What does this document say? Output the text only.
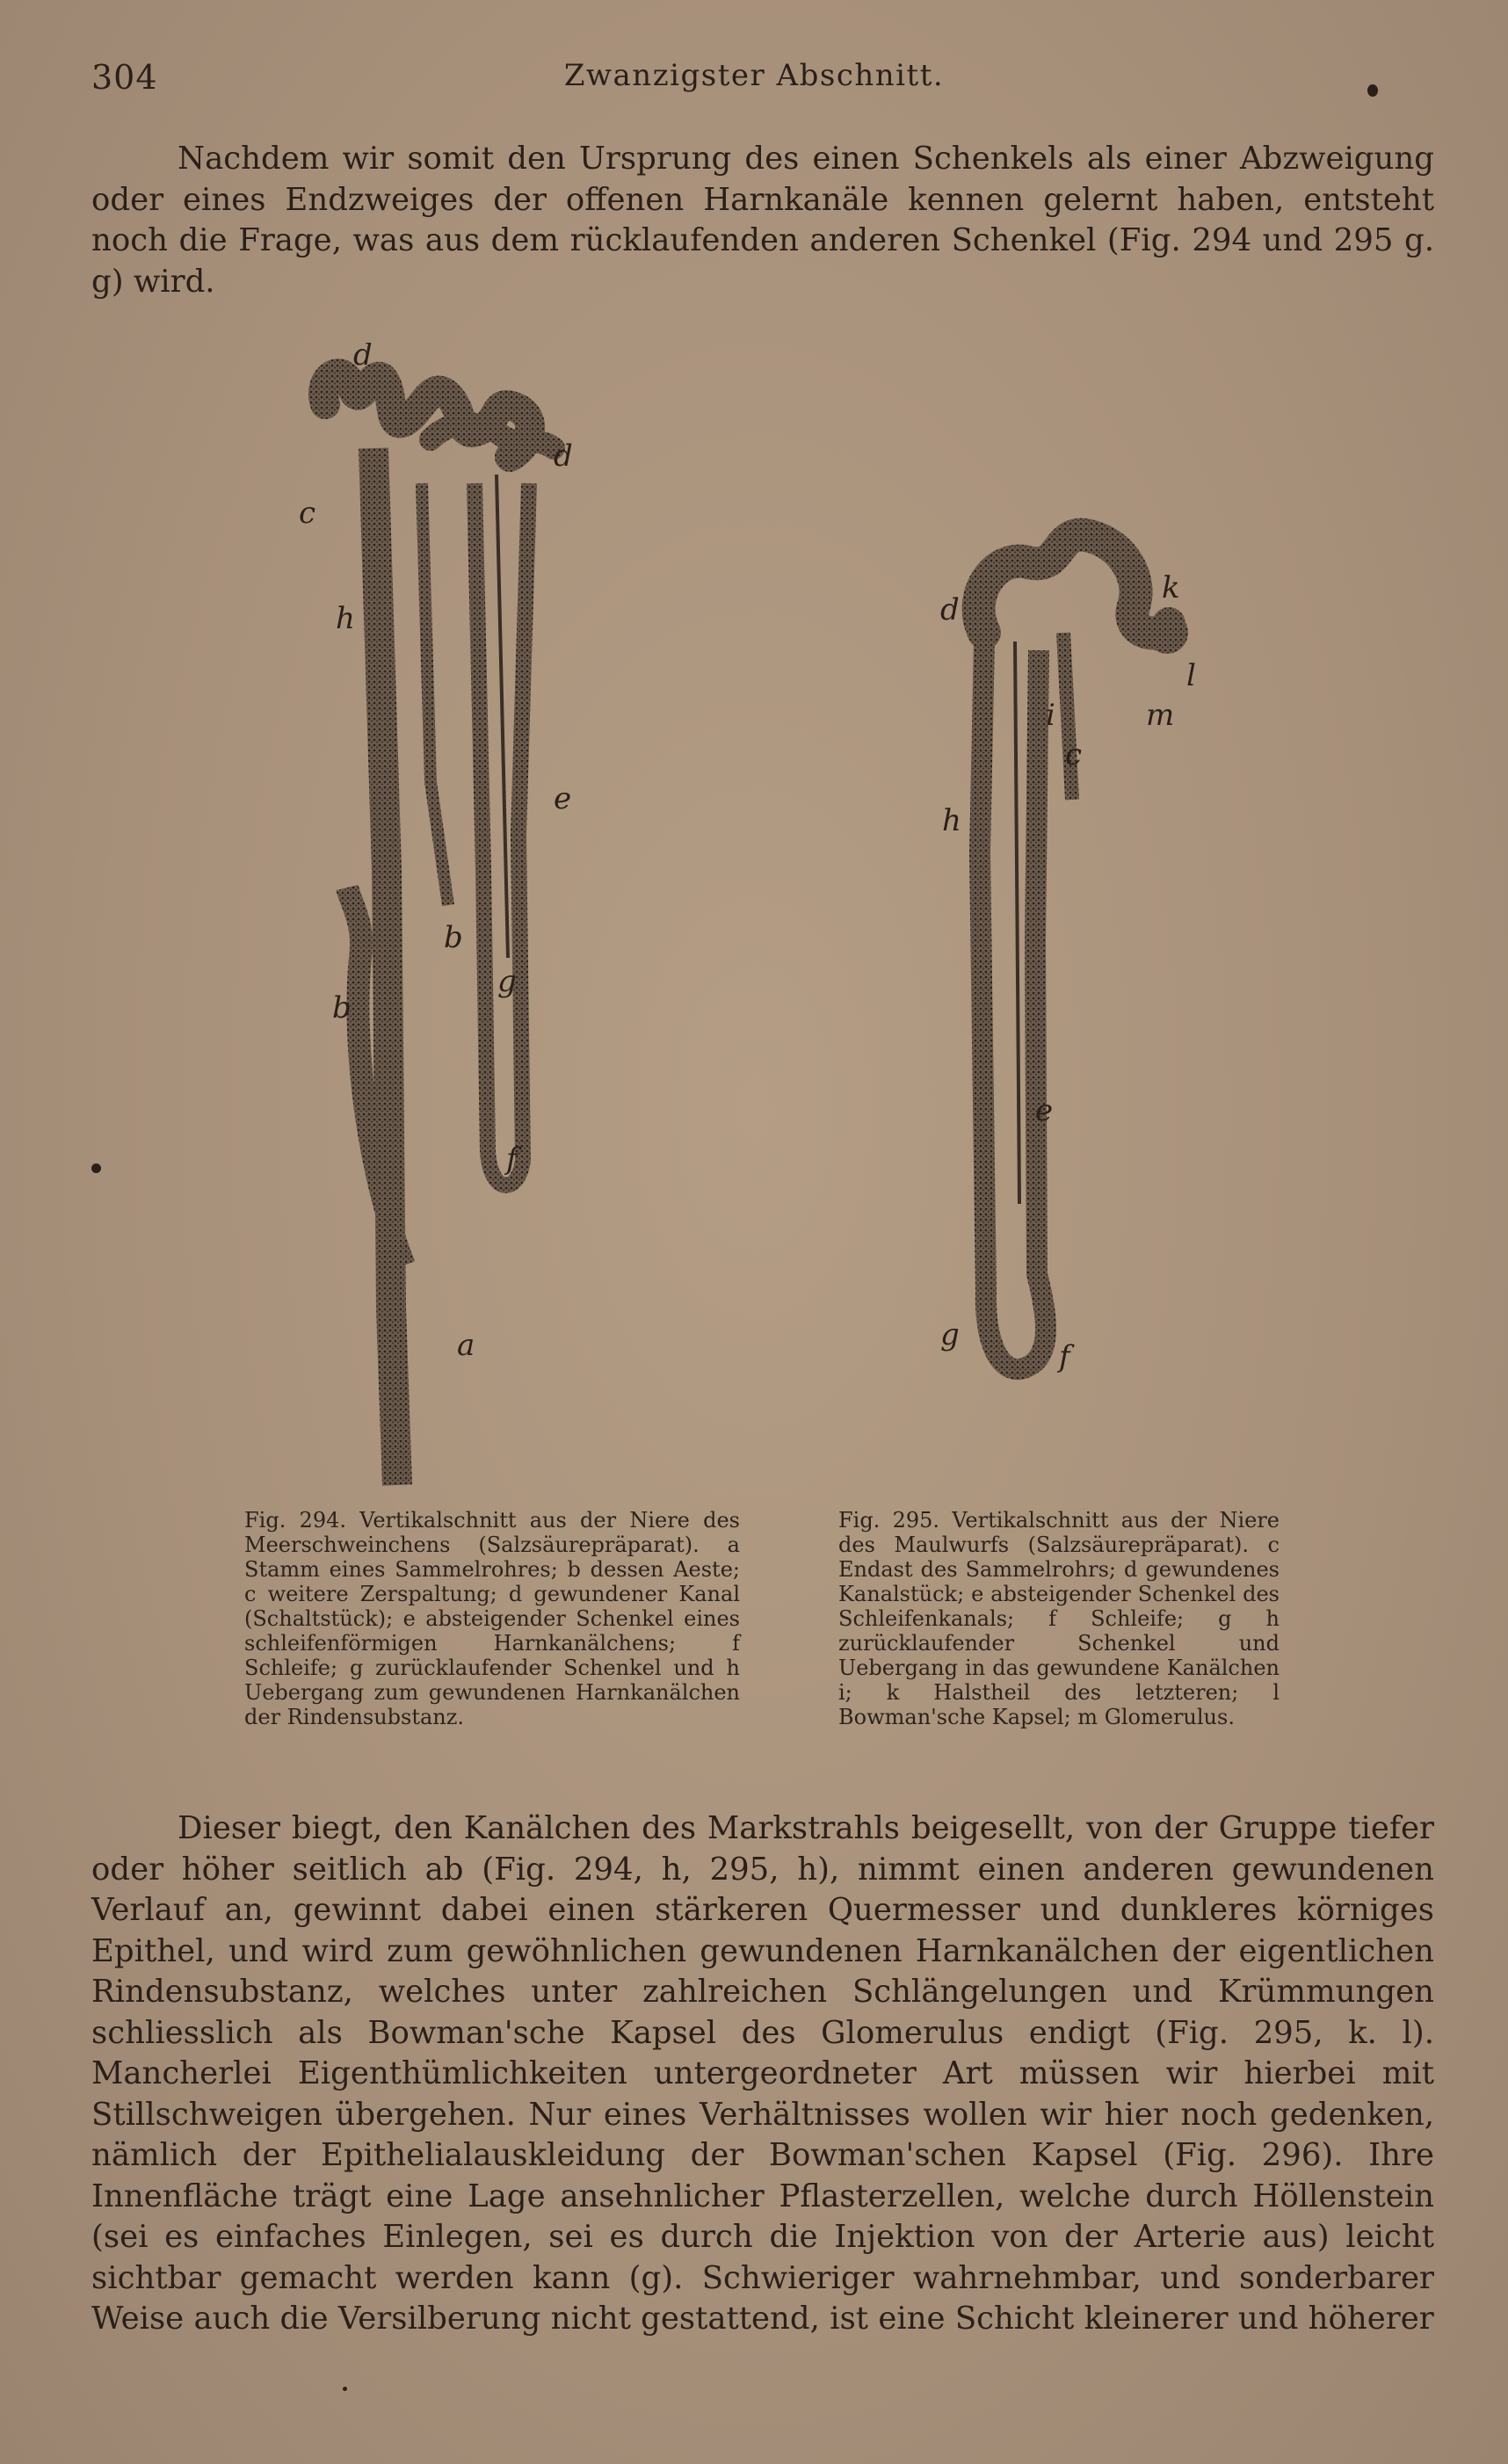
304	Zwanzigster Abschnitt.

Nachdem wir somit den Ursprung des einen Schenkels als einer Abzweigung oder eines Endzweiges der offenen Harnkanäle kennen gelernt haben, entsteht noch die Frage, was aus dem rücklaufenden anderen Schenkel (Fig. 294 und 295 g. g) wird.

d
c
d
h
e
b
g
b
f
a
d
k
l
i	m
c
h
e
g
f
Fig. 294. Vertikalschnitt aus der Niere des Meerschweinchens (Salzsäurepräparat). a Stamm eines Sammelrohres; b dessen Aeste; c weitere Zerspaltung; d gewundener Kanal (Schaltstück); e absteigender Schenkel eines schleifenförmigen Harnkanälchens; f Schleife; g zurücklaufender Schenkel und h Uebergang zum gewundenen Harnkanälchen der Rindensubstanz.
Fig. 295. Vertikalschnitt aus der Niere des Maulwurfs (Salzsäurepräparat). c Endast des Sammelrohrs; d gewundenes Kanalstück; e absteigender Schenkel des Schleifenkanals; f Schleife; g h zurücklaufender Schenkel und Uebergang in das gewundene Kanälchen i; k Halstheil des letzteren; l Bowman'sche Kapsel; m Glomerulus.

Dieser biegt, den Kanälchen des Markstrahls beigesellt, von der Gruppe tiefer oder höher seitlich ab (Fig. 294, h, 295, h), nimmt einen anderen gewundenen Verlauf an, gewinnt dabei einen stärkeren Quermesser und dunkleres körniges Epithel, und wird zum gewöhnlichen gewundenen Harnkanälchen der eigentlichen Rindensubstanz, welches unter zahlreichen Schlängelungen und Krümmungen schliesslich als Bowman'sche Kapsel des Glomerulus endigt (Fig. 295, k. l). Mancherlei Eigenthümlichkeiten untergeordneter Art müssen wir hierbei mit Stillschweigen übergehen. Nur eines Verhältnisses wollen wir hier noch gedenken, nämlich der Epithelialauskleidung der Bowman'schen Kapsel (Fig. 296). Ihre Innenfläche trägt eine Lage ansehnlicher Pflasterzellen, welche durch Höllenstein (sei es einfaches Einlegen, sei es durch die Injektion von der Arterie aus) leicht sichtbar gemacht werden kann (g). Schwieriger wahrnehmbar, und sonderbarer Weise auch die Versilberung nicht gestattend, ist eine Schicht kleinerer und höherer
